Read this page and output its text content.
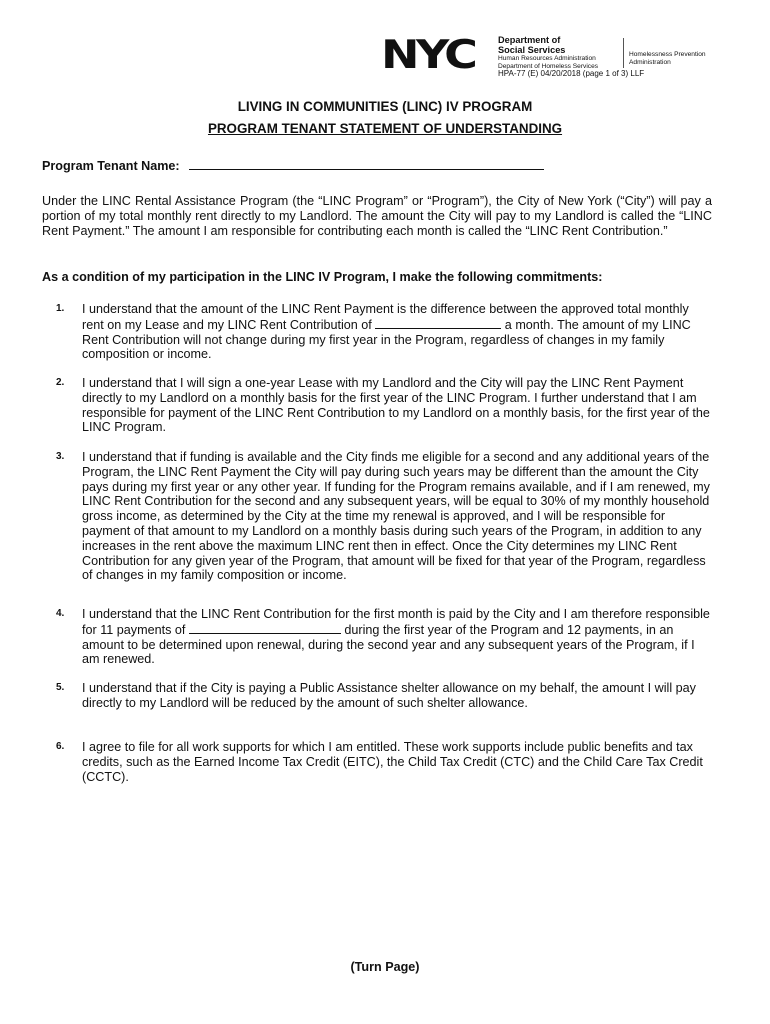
NYC	Department of
Social Services
Human Resources Administration
Department of Homeless Services
Homelessness Prevention
Administration
HPA-77 (E) 04/20/2018 (page 1 of 3) LLF
LIVING IN COMMUNITIES (LINC) IV PROGRAM
PROGRAM TENANT STATEMENT OF UNDERSTANDING
Program Tenant Name:
Under the LINC Rental Assistance Program (the “LINC Program” or “Program”), the City of New York (“City”) will pay a portion of my total monthly rent directly to my Landlord. The amount the City will pay to my Landlord is called the “LINC Rent Payment.” The amount I am responsible for contributing each month is called the “LINC Rent Contribution.”
As a condition of my participation in the LINC IV Program, I make the following commitments:
1. I understand that the amount of the LINC Rent Payment is the difference between the approved total monthly rent on my Lease and my LINC Rent Contribution of	a month. The amount of my LINC Rent Contribution will not change during my first year in the Program, regardless of changes in my family composition or income.
2. I understand that I will sign a one-year Lease with my Landlord and the City will pay the LINC Rent Payment directly to my Landlord on a monthly basis for the first year of the LINC Program. I further understand that I am responsible for payment of the LINC Rent Contribution to my Landlord on a monthly basis, for the first year of the LINC Program.
3. I understand that if funding is available and the City finds me eligible for a second and any additional years of the Program, the LINC Rent Payment the City will pay during such years may be different than the amount the City pays during my first year or any other year. If funding for the Program remains available, and if I am renewed, my LINC Rent Contribution for the second and any subsequent years, will be equal to 30% of my monthly household gross income, as determined by the City at the time my renewal is approved, and I will be responsible for payment of that amount to my Landlord on a monthly basis during such years of the Program, in addition to any increases in the rent above the maximum LINC rent then in effect. Once the City determines my LINC Rent Contribution for any given year of the Program, that amount will be fixed for that year of the Program, regardless of changes in my family composition or income.
4. I understand that the LINC Rent Contribution for the first month is paid by the City and I am therefore responsible for 11 payments of	during the first year of the Program and 12 payments, in an amount to be determined upon renewal, during the second year and any subsequent years of the Program, if I am renewed.
5. I understand that if the City is paying a Public Assistance shelter allowance on my behalf, the amount I will pay directly to my Landlord will be reduced by the amount of such shelter allowance.
6. I agree to file for all work supports for which I am entitled. These work supports include public benefits and tax credits, such as the Earned Income Tax Credit (EITC), the Child Tax Credit (CTC) and the Child Care Tax Credit (CCTC).
(Turn Page)
